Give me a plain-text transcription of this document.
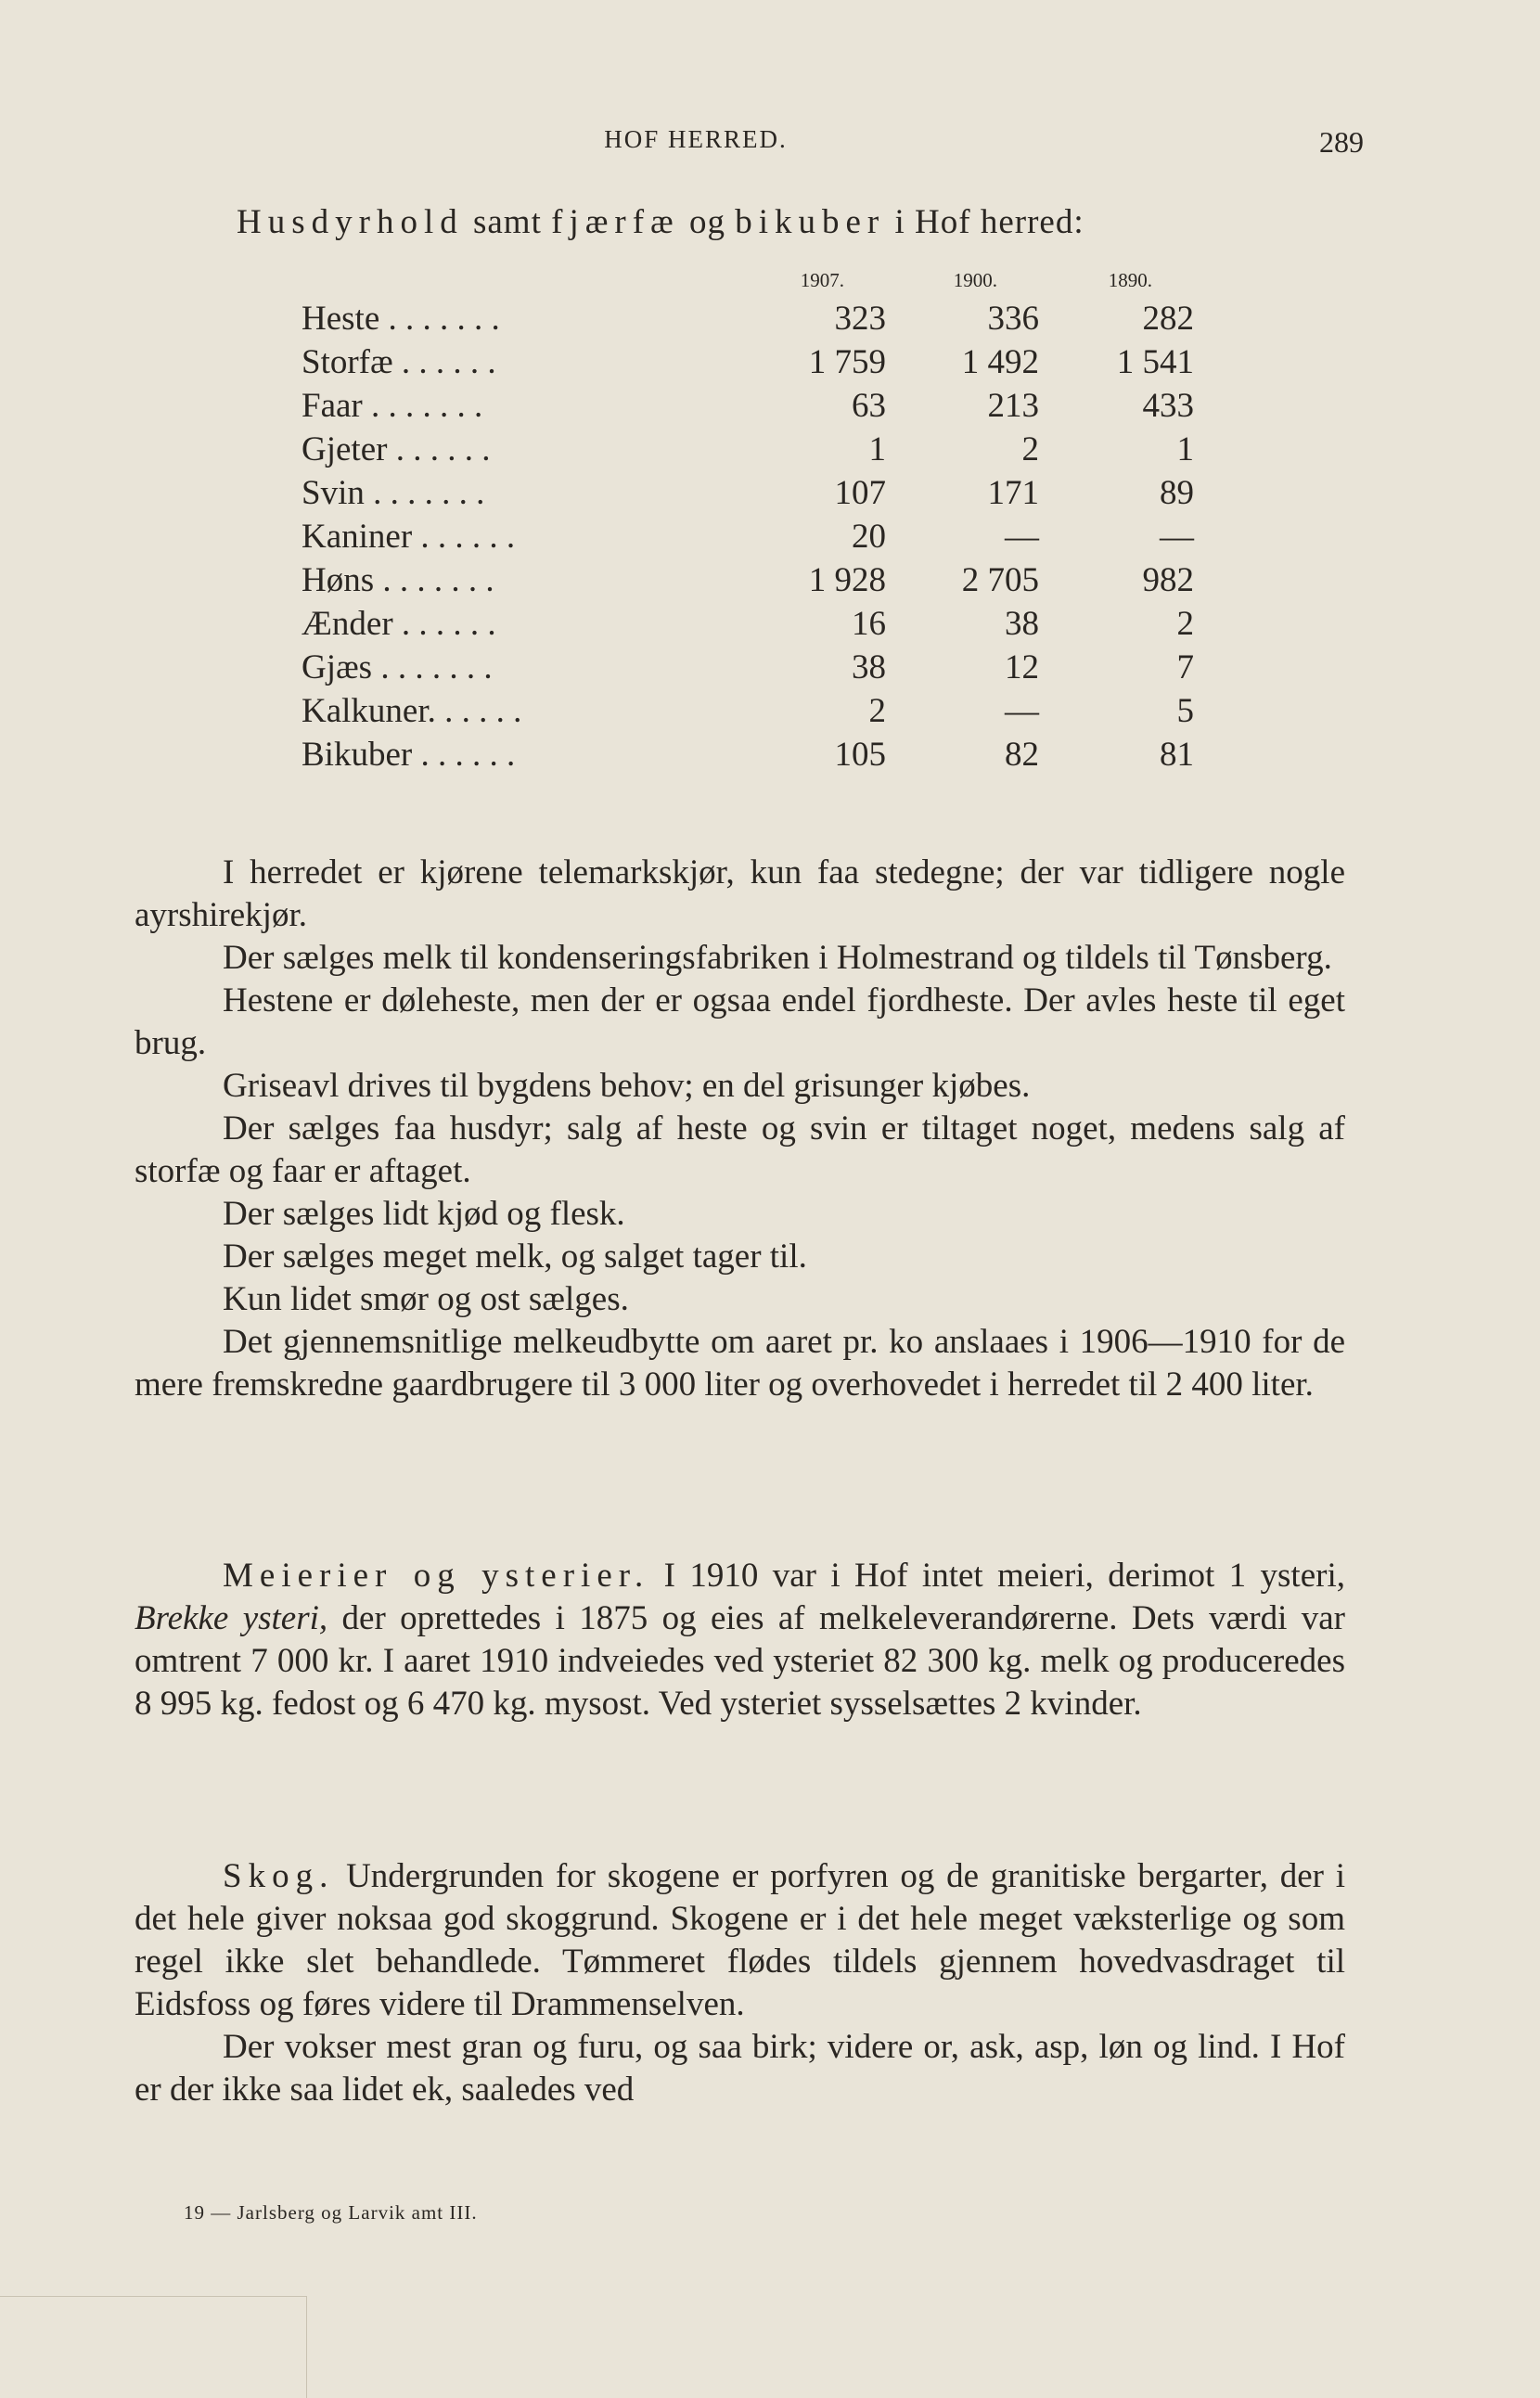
HOF HERRED.	289
Husdyrhold samt fjærfæ og bikuber i Hof herred:
1907.	1900.	1890.
Heste . . . . . . .	323	336	282
Storfæ . . . . . .	1 759	1 492	1 541
Faar . . . . . . .	63	213	433
Gjeter . . . . . .	1	2	1
Svin . . . . . . .	107	171	89
Kaniner . . . . . .	20	—	—
Høns . . . . . . .	1 928	2 705	982
Ænder . . . . . .	16	38	2
Gjæs . . . . . . .	38	12	7
Kalkuner. . . . . .	2	—	5
Bikuber . . . . . .	105	82	81

I herredet er kjørene telemarkskjør, kun faa stedegne; der var tidligere nogle ayrshirekjør.

Der sælges melk til kondenseringsfabriken i Holmestrand og tildels til Tønsberg.

Hestene er døleheste, men der er ogsaa endel fjordheste. Der avles heste til eget brug.

Griseavl drives til bygdens behov; en del grisunger kjøbes.

Der sælges faa husdyr; salg af heste og svin er tiltaget noget, medens salg af storfæ og faar er aftaget.

Der sælges lidt kjød og flesk.

Der sælges meget melk, og salget tager til.

Kun lidet smør og ost sælges.

Det gjennemsnitlige melkeudbytte om aaret pr. ko anslaaes i 1906—1910 for de mere fremskredne gaardbrugere til 3 000 liter og overhovedet i herredet til 2 400 liter.

Meierier og ysterier. I 1910 var i Hof intet meieri, derimot 1 ysteri, Brekke ysteri, der oprettedes i 1875 og eies af melkeleverandørerne. Dets værdi var omtrent 7 000 kr. I aaret 1910 indveiedes ved ysteriet 82 300 kg. melk og produceredes 8 995 kg. fedost og 6 470 kg. mysost. Ved ysteriet sysselsættes 2 kvinder.

Skog. Undergrunden for skogene er porfyren og de granitiske bergarter, der i det hele giver noksaa god skoggrund. Skogene er i det hele meget væksterlige og som regel ikke slet behandlede. Tømmeret flødes tildels gjennem hovedvasdraget til Eidsfoss og føres videre til Drammenselven.

Der vokser mest gran og furu, og saa birk; videre or, ask, asp, løn og lind. I Hof er der ikke saa lidet ek, saaledes ved

19 — Jarlsberg og Larvik amt III.
